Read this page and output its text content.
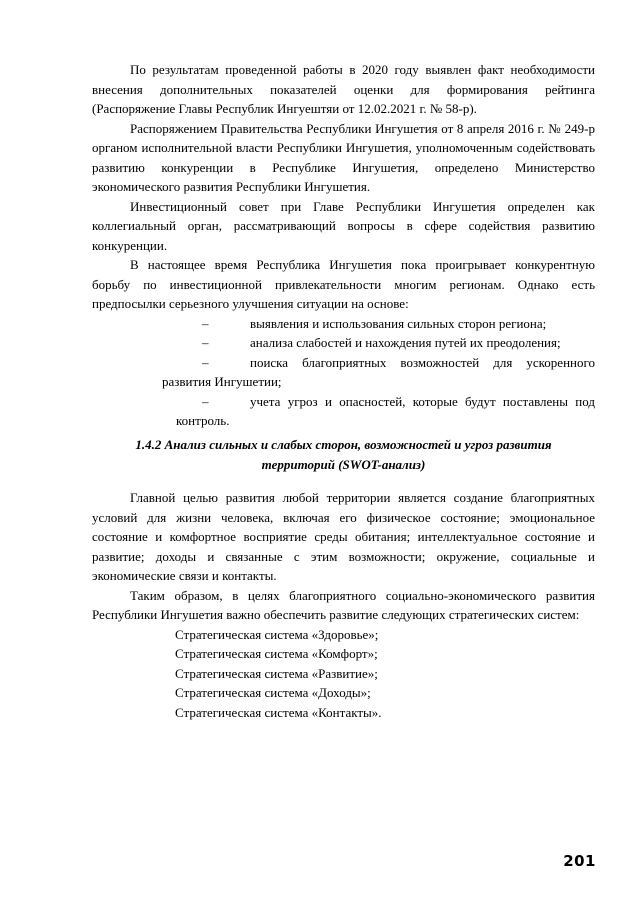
По результатам проведенной работы в 2020 году выявлен факт необходимости внесения дополнительных показателей оценки для формирования рейтинга (Распоряжение Главы Республик Ингуештяи от 12.02.2021 г. № 58-р).

Распоряжением Правительства Республики Ингушетия от 8 апреля 2016 г. № 249-р органом исполнительной власти Республики Ингушетия, уполномоченным содействовать развитию конкуренции в Республике Ингушетия, определено Министерство экономического развития Республики Ингушетия.

Инвестиционный совет при Главе Республики Ингушетия определен как коллегиальный орган, рассматривающий вопросы в сфере содействия развитию конкуренции.

В настоящее время Республика Ингушетия пока проигрывает конкурентную борьбу по инвестиционной привлекательности многим регионам. Однако есть предпосылки серьезного улучшения ситуации на основе:

–	выявления и использования сильных сторон региона;
–	анализа слабостей и нахождения путей их преодоления;
–	поиска благоприятных возможностей для ускоренного

развития Ингушетии;

–	учета угроз и опасностей, которые будут поставлены под

контроль.

1.4.2 Анализ сильных и слабых сторон, возможностей и угроз развития
территорий (SWOT-анализ)

Главной целью развития любой территории является создание благоприятных условий для жизни человека, включая его физическое состояние; эмоциональное состояние и комфортное восприятие среды обитания; интеллектуальное состояние и развитие; доходы и связанные с этим возможности; окружение, социальные и экономические связи и контакты.

Таким образом, в целях благоприятного социально-экономического развития Республики Ингушетия важно обеспечить развитие следующих стратегических систем:

Стратегическая система «Здоровье»;

Стратегическая система «Комфорт»;

Стратегическая система «Развитие»;

Стратегическая система «Доходы»;

Стратегическая система «Контакты».

201
